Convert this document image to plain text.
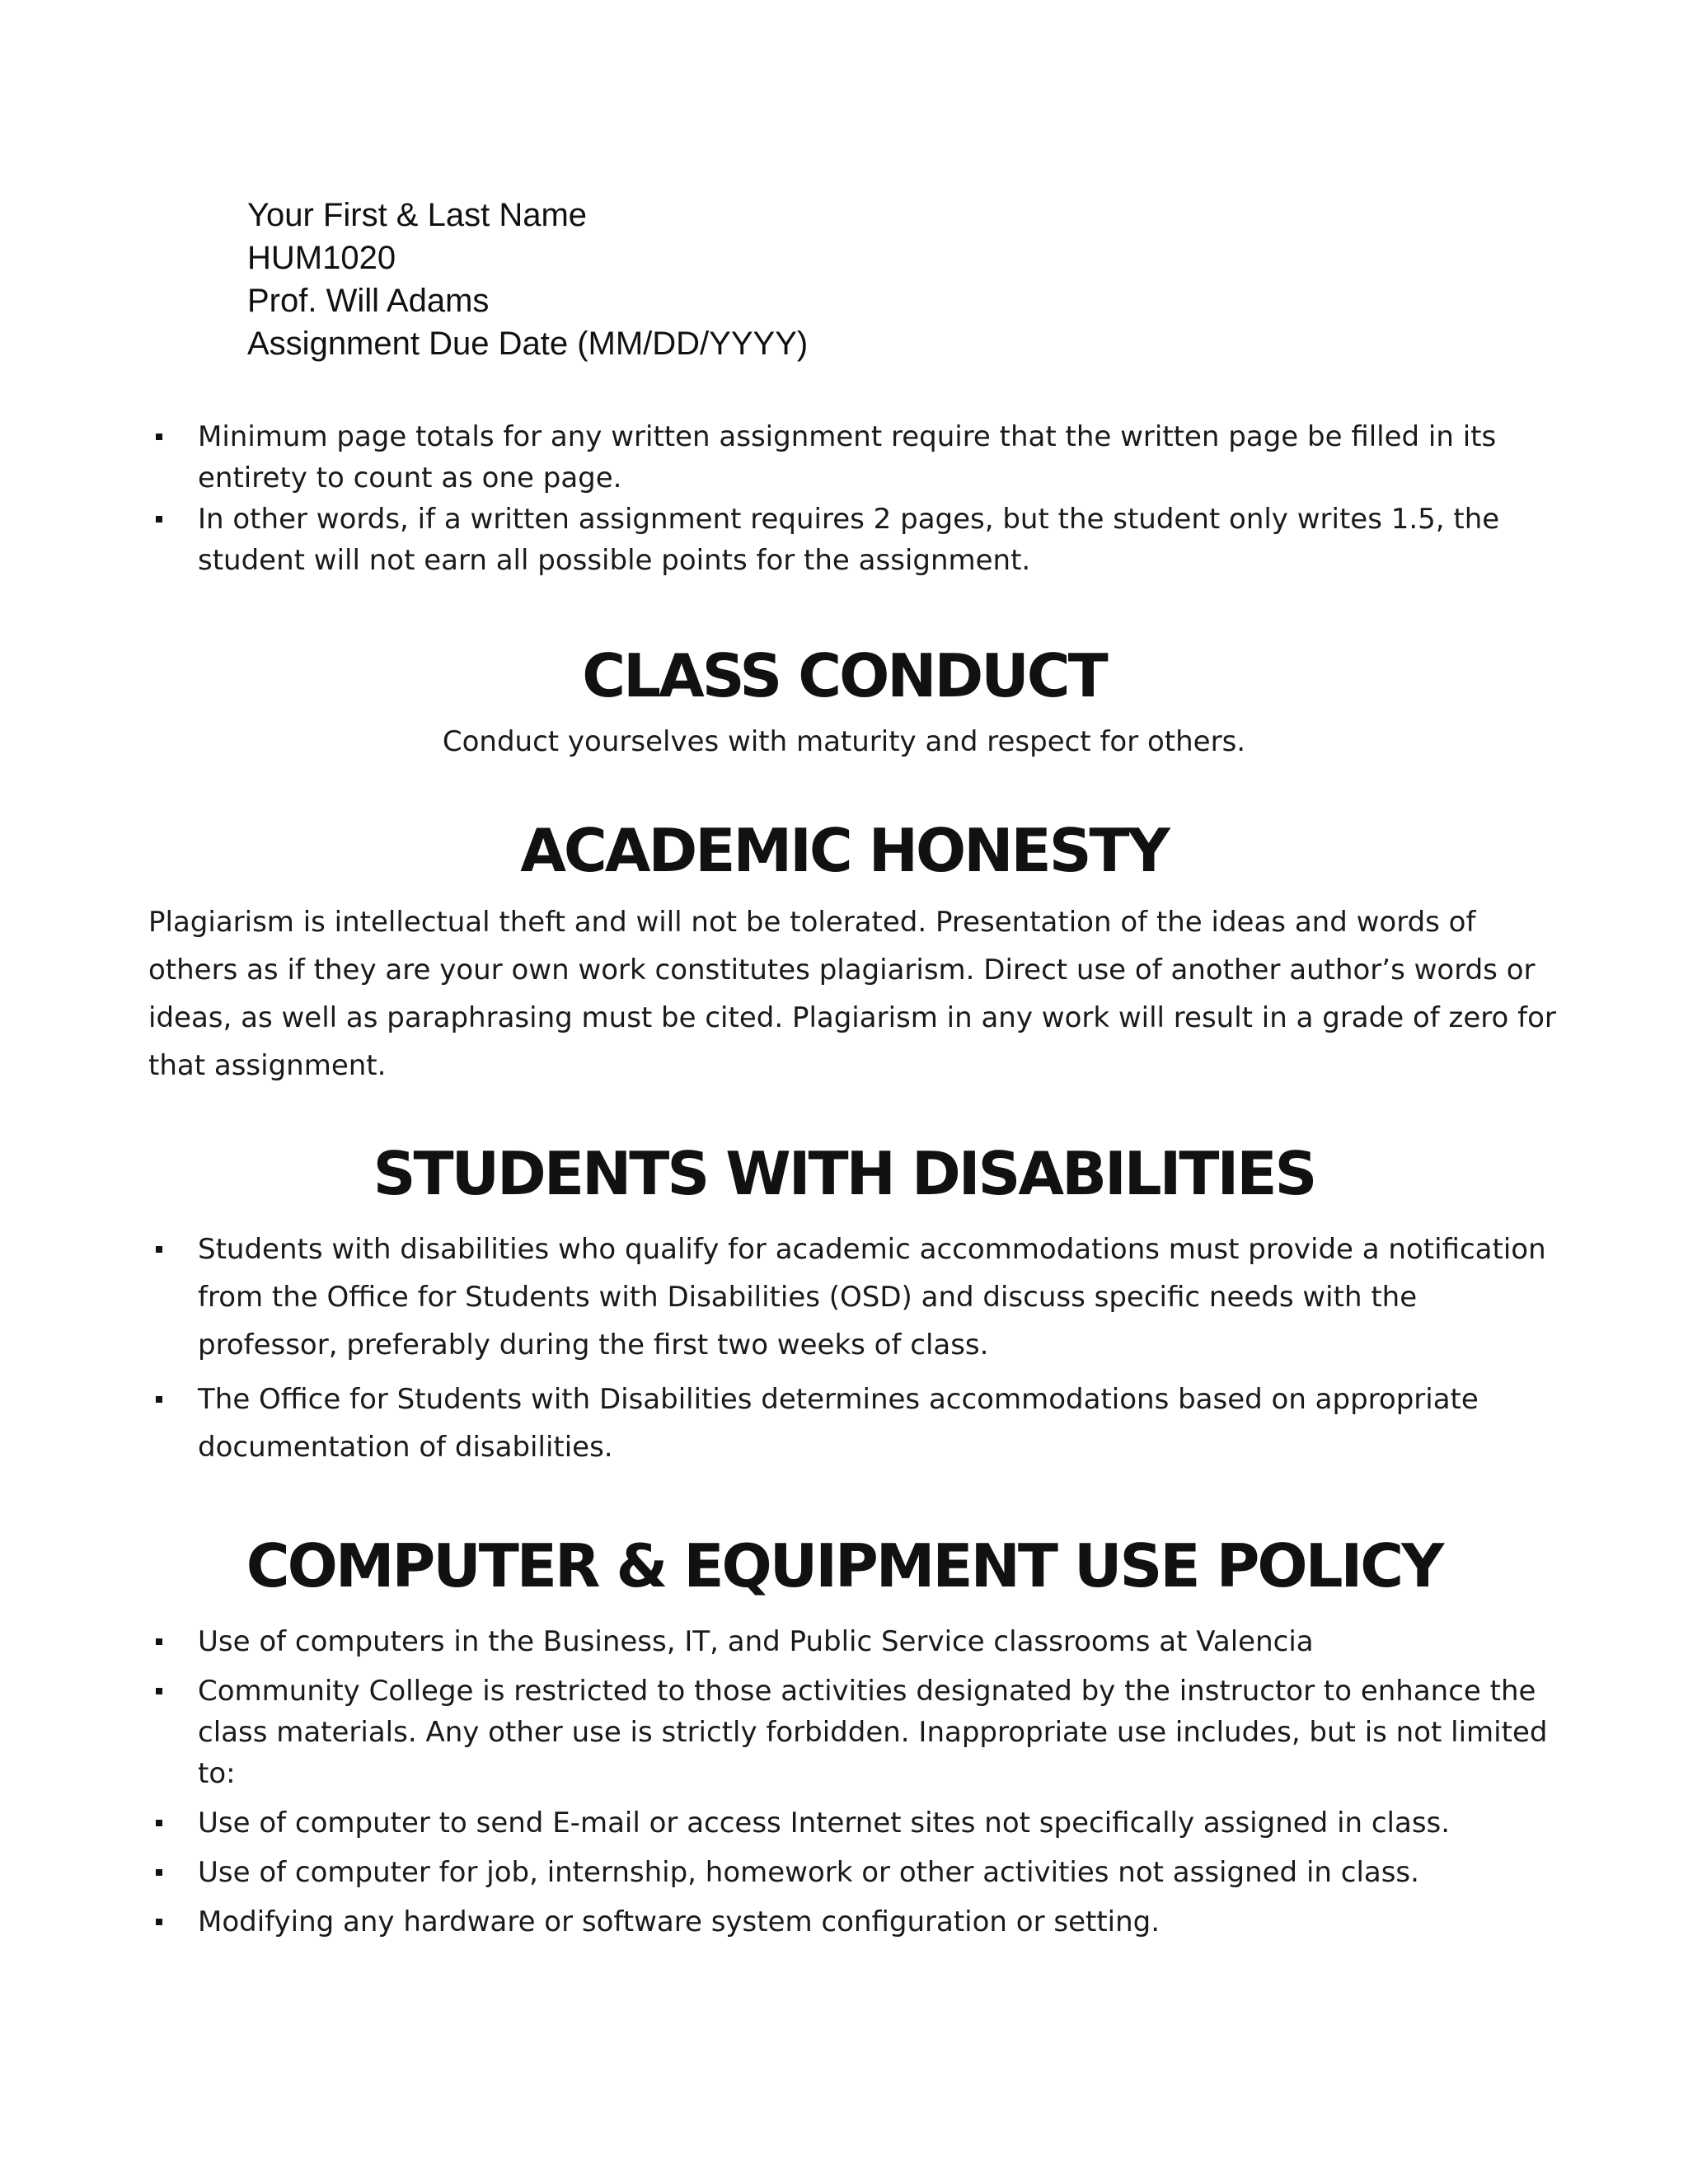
Your First & Last Name
HUM1020
Prof. Will Adams
Assignment Due Date (MM/DD/YYYY)
Minimum page totals for any written assignment require that the written page be filled in its entirety to count as one page.
In other words, if a written assignment requires 2 pages, but the student only writes 1.5, the student will not earn all possible points for the assignment.
CLASS CONDUCT
Conduct yourselves with maturity and respect for others.
ACADEMIC HONESTY

Plagiarism is intellectual theft and will not be tolerated. Presentation of the ideas and words of others as if they are your own work constitutes plagiarism. Direct use of another author’s words or ideas, as well as paraphrasing must be cited. Plagiarism in any work will result in a grade of zero for that assignment.

STUDENTS WITH DISABILITIES
Students with disabilities who qualify for academic accommodations must provide a notification from the Office for Students with Disabilities (OSD) and discuss specific needs with the professor, preferably during the first two weeks of class.
The Office for Students with Disabilities determines accommodations based on appropriate documentation of disabilities.
COMPUTER & EQUIPMENT USE POLICY
Use of computers in the Business, IT, and Public Service classrooms at Valencia
Community College is restricted to those activities designated by the instructor to enhance the class materials. Any other use is strictly forbidden. Inappropriate use includes, but is not limited to:
Use of computer to send E-mail or access Internet sites not specifically assigned in class.
Use of computer for job, internship, homework or other activities not assigned in class.
Modifying any hardware or software system configuration or setting.
